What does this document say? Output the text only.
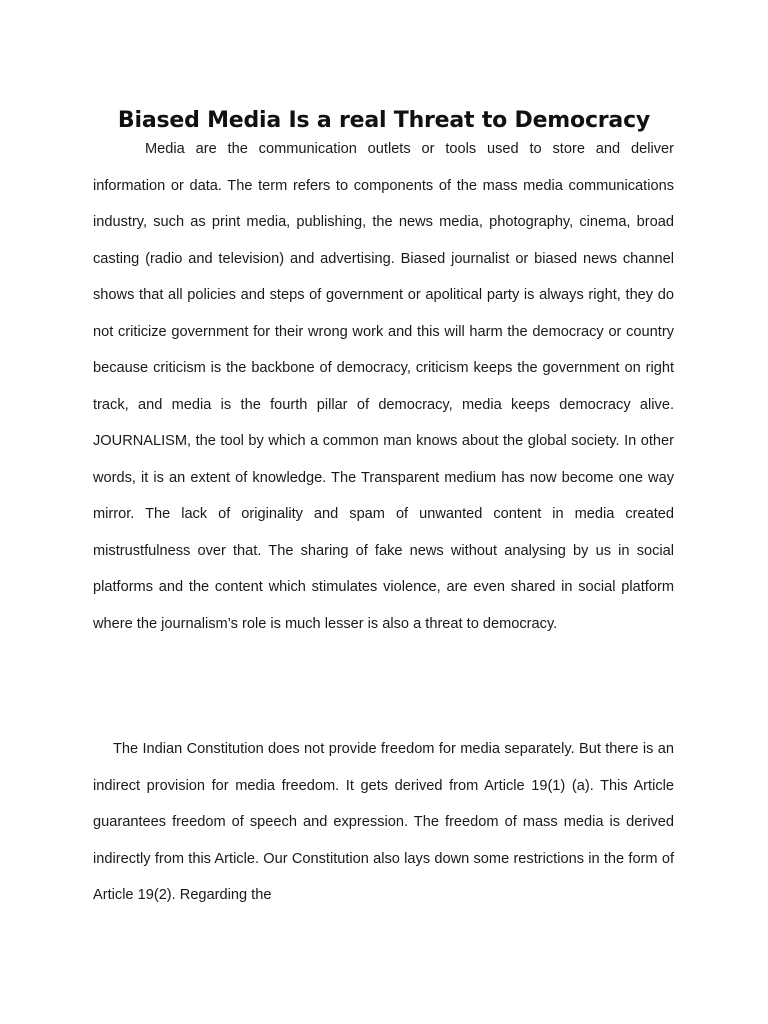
Biased Media Is a real Threat to Democracy

Media are the communication outlets or tools used to store and deliver information or data. The term refers to components of the mass media communications industry, such as print media, publishing, the news media, photography, cinema, broad casting (radio and television) and advertising. Biased journalist or biased news channel shows that all policies and steps of government or apolitical party is always right, they do not criticize government for their wrong work and this will harm the democracy or country because criticism is the backbone of democracy, criticism keeps the government on right track, and media is the fourth pillar of democracy, media keeps democracy alive. JOURNALISM, the tool by which a common man knows about the global society. In other words, it is an extent of knowledge. The Transparent medium has now become one way mirror. The lack of originality and spam of unwanted content in media created mistrustfulness over that. The sharing of fake news without analysing by us in social platforms and the content which stimulates violence, are even shared in social platform where the journalism’s role is much lesser is also a threat to democracy.

The Indian Constitution does not provide freedom for media separately. But there is an indirect provision for media freedom. It gets derived from Article 19(1) (a). This Article guarantees freedom of speech and expression. The freedom of mass media is derived indirectly from this Article. Our Constitution also lays down some restrictions in the form of Article 19(2). Regarding the
